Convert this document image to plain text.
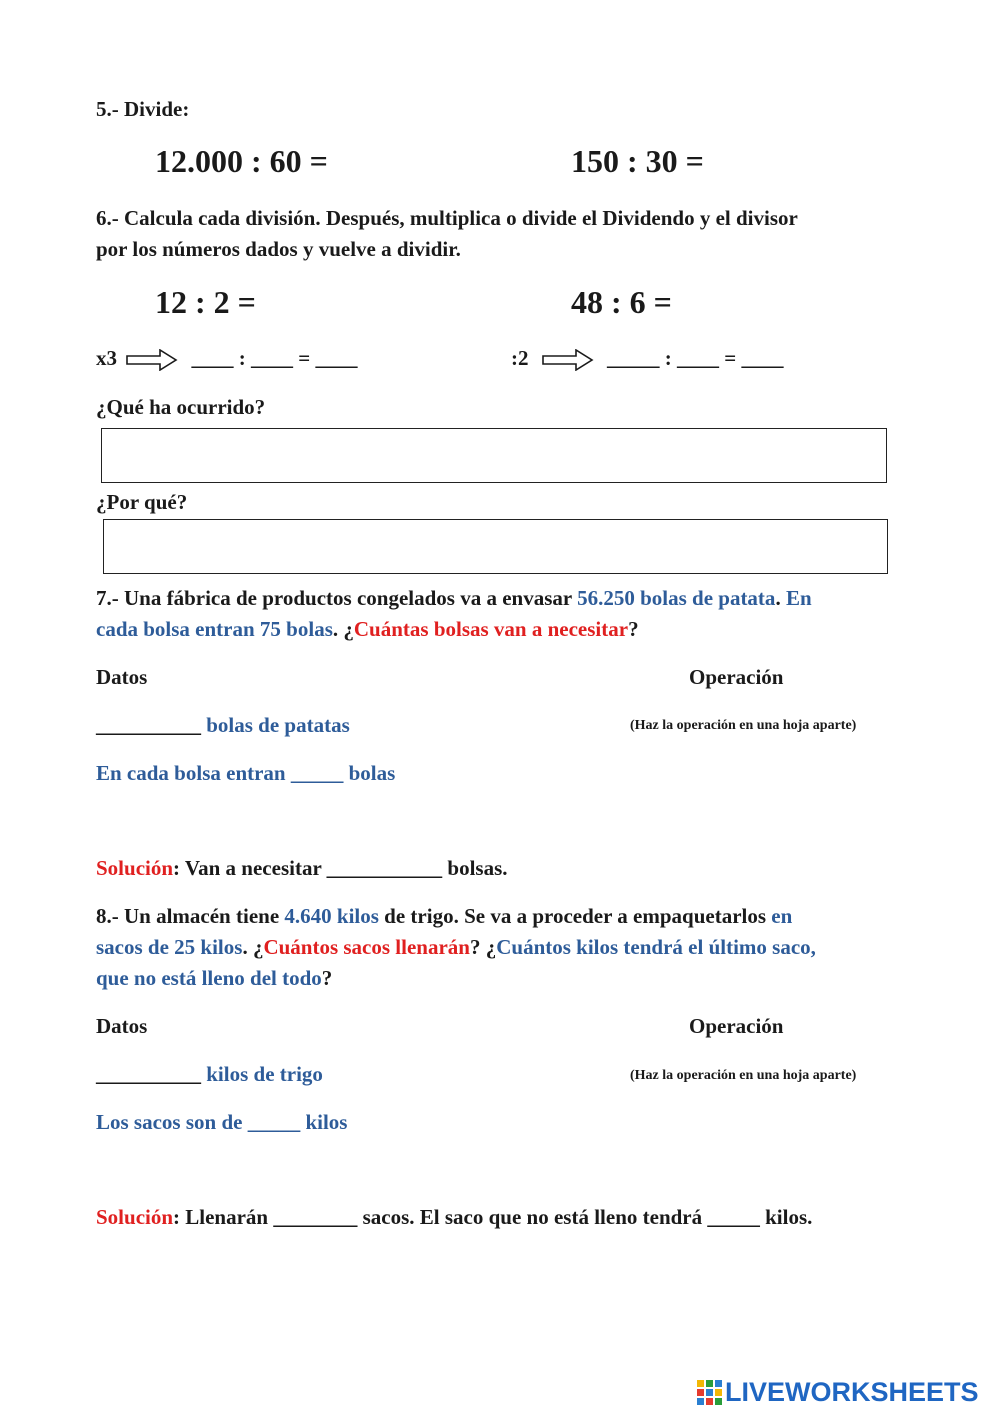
5.- Divide:
12.000 : 60 =	150 : 30 =
6.- Calcula cada división. Después, multiplica o divide el Dividendo y el divisor
por los números dados y vuelve a dividir.
12 : 2 =	48 : 6 =
x3	____ : ____ = ____	:2	_____ : ____ = ____
¿Qué ha ocurrido?
¿Por qué?
7.- Una fábrica de productos congelados va a envasar 56.250 bolas de patata. En
cada bolsa entran 75 bolas. ¿Cuántas bolsas van a necesitar?
Datos	Operación
__________ bolas de patatas	(Haz la operación en una hoja aparte)
En cada bolsa entran _____ bolas
Solución: Van a necesitar ___________ bolsas.
8.- Un almacén tiene 4.640 kilos de trigo. Se va a proceder a empaquetarlos en
sacos de 25 kilos. ¿Cuántos sacos llenarán? ¿Cuántos kilos tendrá el último saco,
que no está lleno del todo?
Datos	Operación
__________ kilos de trigo	(Haz la operación en una hoja aparte)
Los sacos son de _____ kilos
Solución: Llenarán ________ sacos. El saco que no está lleno tendrá _____ kilos.
LIVEWORKSHEETS
